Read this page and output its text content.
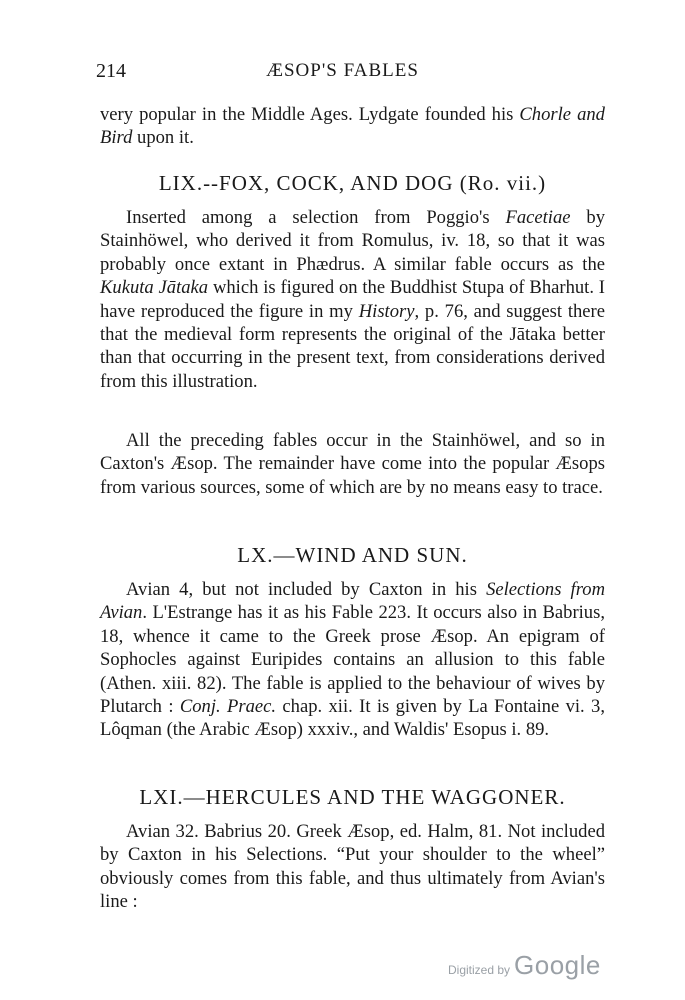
214	ÆSOP'S FABLES

very popular in the Middle Ages. Lydgate founded his Chorle and Bird upon it.

LIX.--FOX, COCK, AND DOG (Ro. vii.)

Inserted among a selection from Poggio's Facetiae by Stainhöwel, who derived it from Romulus, iv. 18, so that it was probably once extant in Phædrus. A similar fable occurs as the Kukuta Jātaka which is figured on the Buddhist Stupa of Bharhut. I have reproduced the figure in my History, p. 76, and suggest there that the medieval form represents the original of the Jātaka better than that occurring in the present text, from considerations derived from this illustration.

All the preceding fables occur in the Stainhöwel, and so in Caxton's Æsop. The remainder have come into the popular Æsops from various sources, some of which are by no means easy to trace.

LX.—WIND AND SUN.

Avian 4, but not included by Caxton in his Selections from Avian. L'Estrange has it as his Fable 223. It occurs also in Babrius, 18, whence it came to the Greek prose Æsop. An epigram of Sophocles against Euripides contains an allusion to this fable (Athen. xiii. 82). The fable is applied to the behaviour of wives by Plutarch : Conj. Praec. chap. xii. It is given by La Fontaine vi. 3, Lôqman (the Arabic Æsop) xxxiv., and Waldis' Esopus i. 89.

LXI.—HERCULES AND THE WAGGONER.

Avian 32. Babrius 20. Greek Æsop, ed. Halm, 81. Not included by Caxton in his Selections. “Put your shoulder to the wheel” obviously comes from this fable, and thus ultimately from Avian's line :

Digitized by Google
